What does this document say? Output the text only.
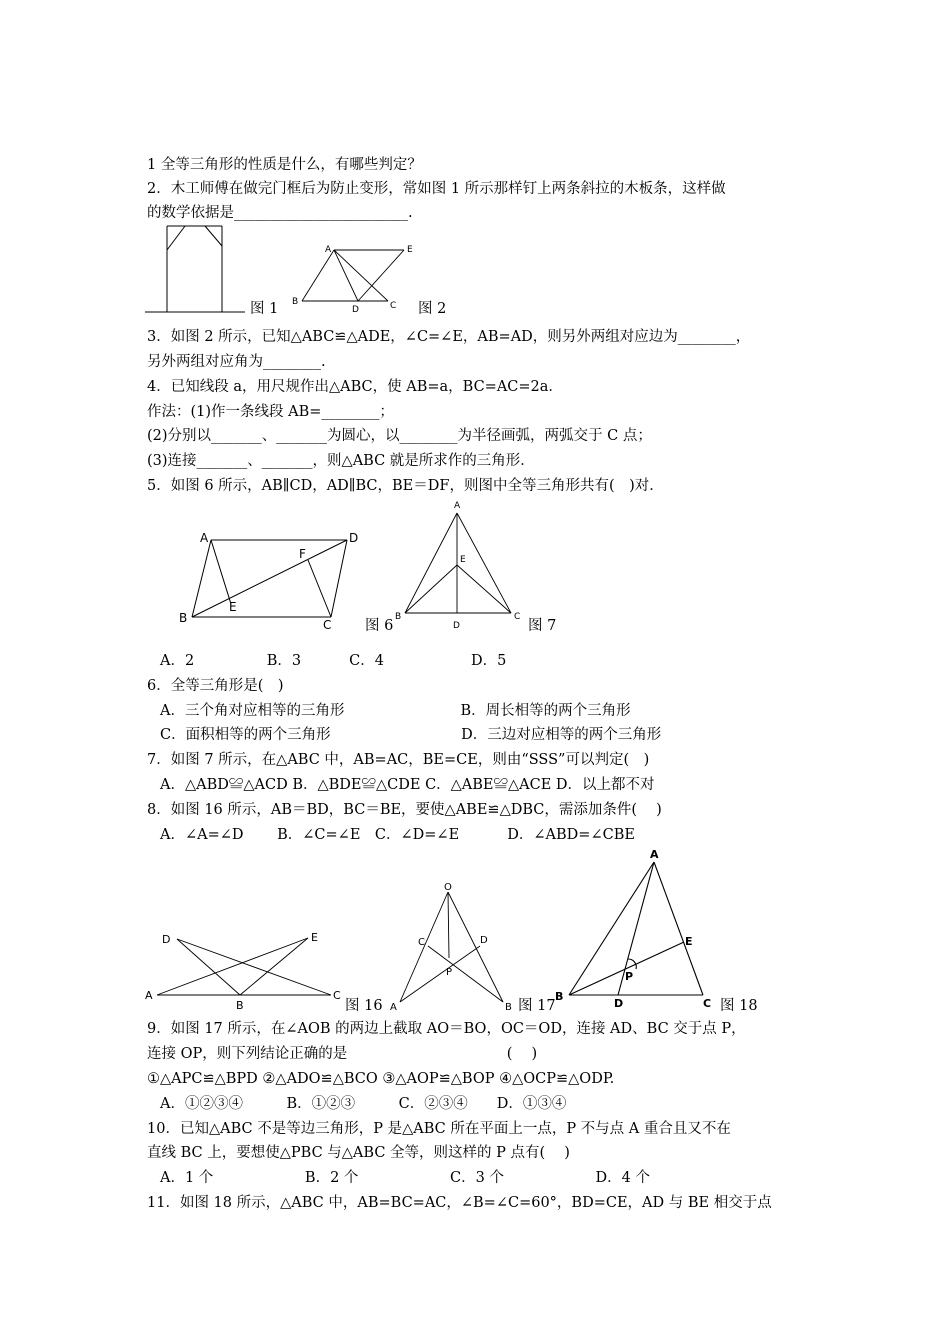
1 全等三角形的性质是什么，有哪些判定？
2．木工师傅在做完门框后为防止变形，常如图 1 所示那样钉上两条斜拉的木板条，这样做
的数学依据是________________________.
图 1
A	E
B
D	C 图 2
3．如图 2 所示，已知△ABC≌△ADE，∠C=∠E，AB=AD，则另外两组对应边为________，
另外两组对应角为________.
4．已知线段 a，用尺规作出△ABC，使 AB=a，BC=AC=2a．
作法：(1)作一条线段 AB=________；
(2)分别以_______、_______为圆心，以________为半径画弧，两弧交于 C 点；
(3)连接_______、_______，则△ABC 就是所求作的三角形．
5．如图 6 所示，AB∥CD，AD∥BC，BE＝DF，则图中全等三角形共有(　)对．
A	D
F
E
B	C 图 6
A
E
B
D
C
图 7
A．2　　　　　B．3　　　 C．4　　　　　　D．5
6．全等三角形是(　)
A．三个角对应相等的三角形　　　　　　　　B．周长相等的两个三角形
C．面积相等的两个三角形　　　　　　　　　D．三边对应相等的两个三角形
7．如图 7 所示，在△ABC 中，AB=AC，BE=CE，则由“SSS”可以判定(　)
A．△ABD≌△ACD B．△BDE≌△CDE C．△ABE≌△ACE D．以上都不对
8．如图 16 所示，AB＝BD，BC＝BE，要使△ABE≌△DBC，需添加条件(　 )
A．∠A=∠D　　 B．∠C=∠E　C．∠D=∠E　　　 D．∠ABD=∠CBE
D	E
A
B
C
图 16
O
C	D
P
A	B 图 17
A
E
P
B
D	C 图 18
9．如图 17 所示，在∠AOB 的两边上截取 AO＝BO，OC＝OD，连接 AD、BC 交于点 P，
连接 OP，则下列结论正确的是　　　　　　　　　　　(　 )
①△APC≌△BPD ②△ADO≌△BCO ③△AOP≌△BOP ④△OCP≌△ODP.
A．①②③④　　　B．①②③　　　C．②③④　　D．①③④
10．已知△ABC 不是等边三角形，P 是△ABC 所在平面上一点，P 不与点 A 重合且又不在
直线 BC 上，要想使△PBC 与△ABC 全等，则这样的 P 点有(　 )
A．1 个　　　　　　 B．2 个　　　　　　 C．3 个　　　　　　 D．4 个
11．如图 18 所示，△ABC 中，AB=BC=AC，∠B=∠C=60°，BD=CE，AD 与 BE 相交于点
